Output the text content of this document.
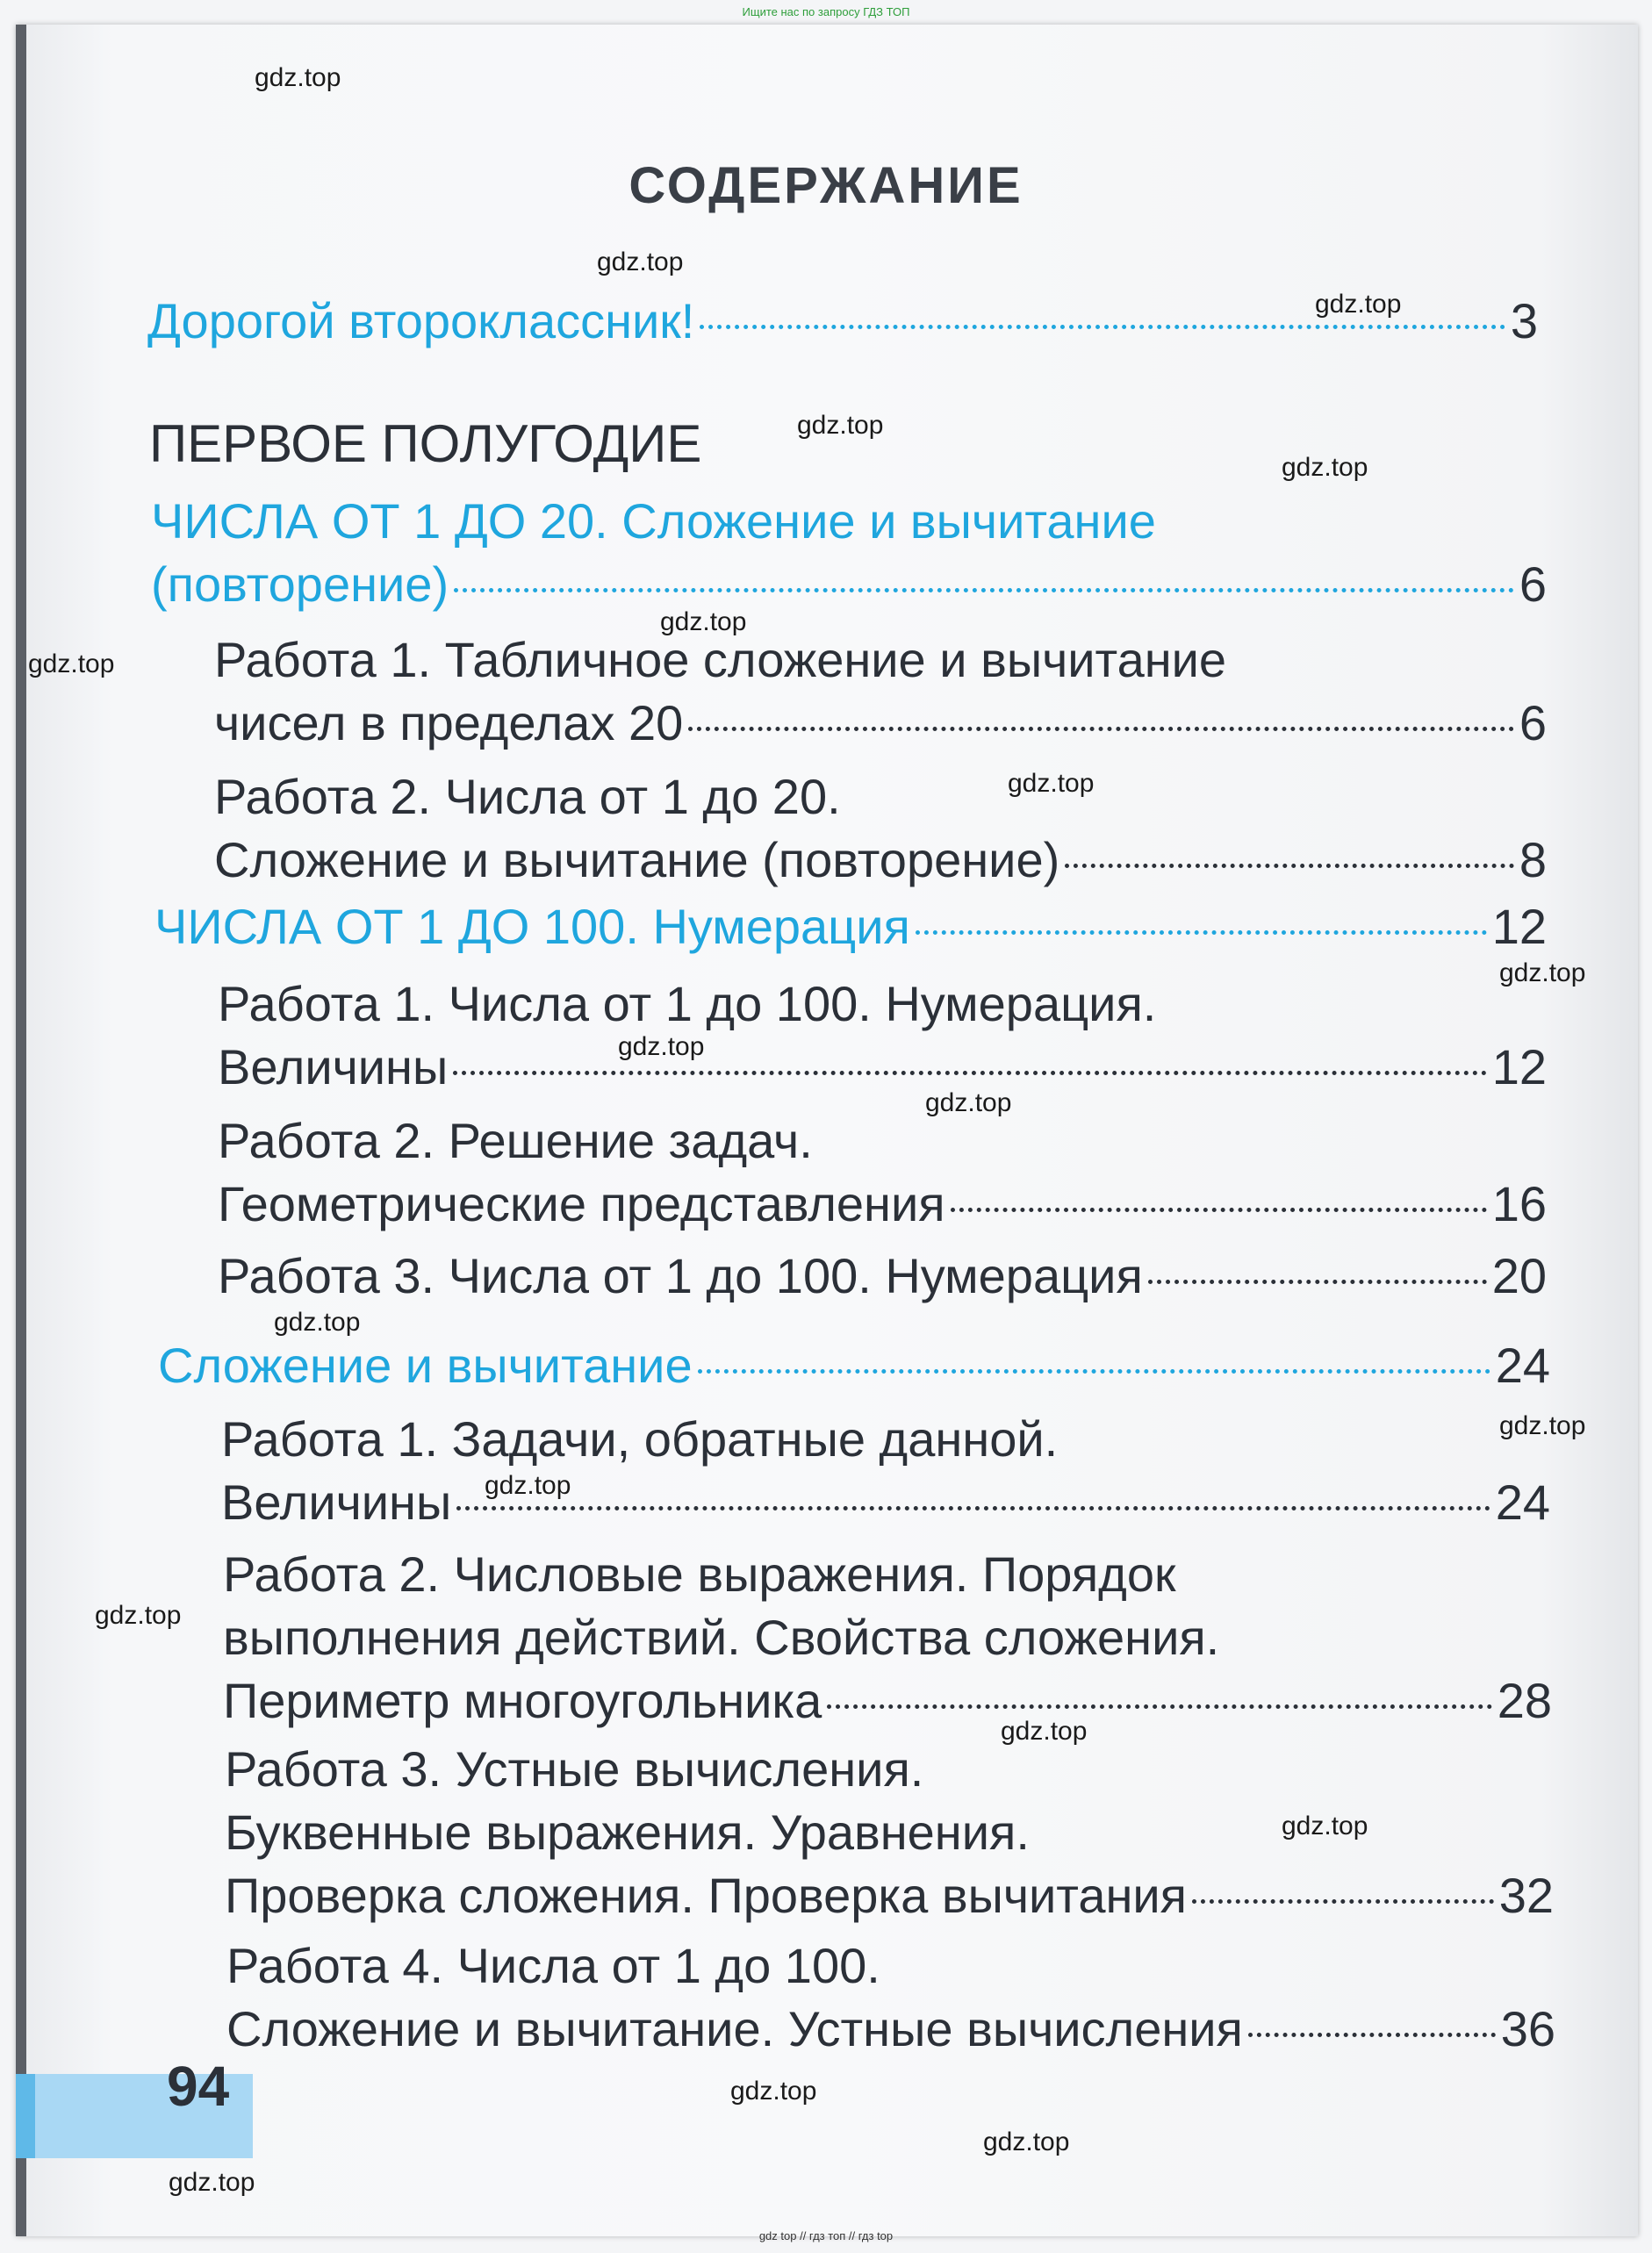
Ищите нас по запросу ГДЗ ТОП

СОДЕРЖАНИЕ
Дорогой второклассник!	3
ПЕРВОЕ ПОЛУГОДИЕ
ЧИСЛА ОТ 1 ДО 20. Сложение и вычитание
(повторение)	6
Работа 1. Табличное сложение и вычитание
чисел в пределах 20	6
Работа 2. Числа от 1 до 20.
Сложение и вычитание (повторение)	8
ЧИСЛА ОТ 1 ДО 100. Нумерация	12
Работа 1. Числа от 1 до 100. Нумерация.
Величины	12
Работа 2. Решение задач.
Геометрические представления	16
Работа 3. Числа от 1 до 100. Нумерация	20
Сложение и вычитание	24
Работа 1. Задачи, обратные данной.
Величины	24
Работа 2. Числовые выражения. Порядок
выполнения действий. Свойства сложения.
Периметр многоугольника	28
Работа 3. Устные вычисления.
Буквенные выражения. Уравнения.
Проверка сложения. Проверка вычитания	32
Работа 4. Числа от 1 до 100.
Сложение и вычитание. Устные вычисления	36
94
gdz.top
gdz.top
gdz.top
gdz.top
gdz.top
gdz.top
gdz.top
gdz.top
gdz.top
gdz.top
gdz.top
gdz.top
gdz.top
gdz.top
gdz.top
gdz.top
gdz.top
gdz.top
gdz.top
gdz.top
gdz top // гдз топ // гдз top
